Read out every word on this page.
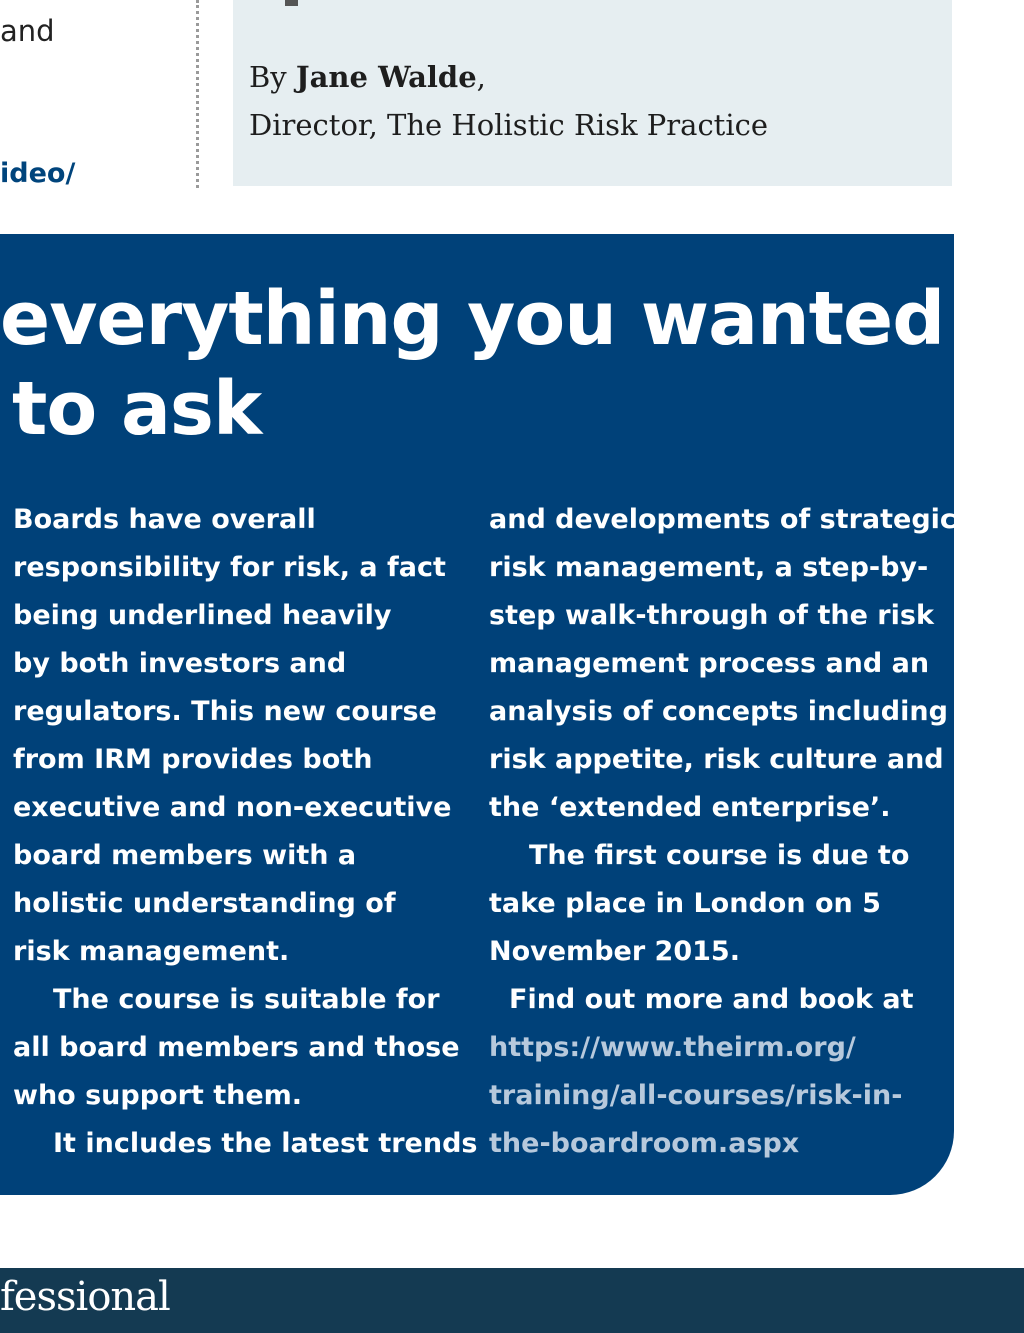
and
ideo/
By Jane Walde,
Director, The Holistic Risk Practice
everything you wanted
to ask
Boards have overall
responsibility for risk, a fact
being underlined heavily
by both investors and
regulators. This new course
from IRM provides both
executive and non-executive
board members with a
holistic understanding of
risk management.
The course is suitable for
all board members and those
who support them.
It includes the latest trends
and developments of strategic
risk management, a step-by-
step walk-through of the risk
management process and an
analysis of concepts including
risk appetite, risk culture and
the ‘extended enterprise’.
The first course is due to
take place in London on 5
November 2015.
Find out more and book at
https://www.theirm.org/
training/all-courses/risk-in-
the-boardroom.aspx
fessional
